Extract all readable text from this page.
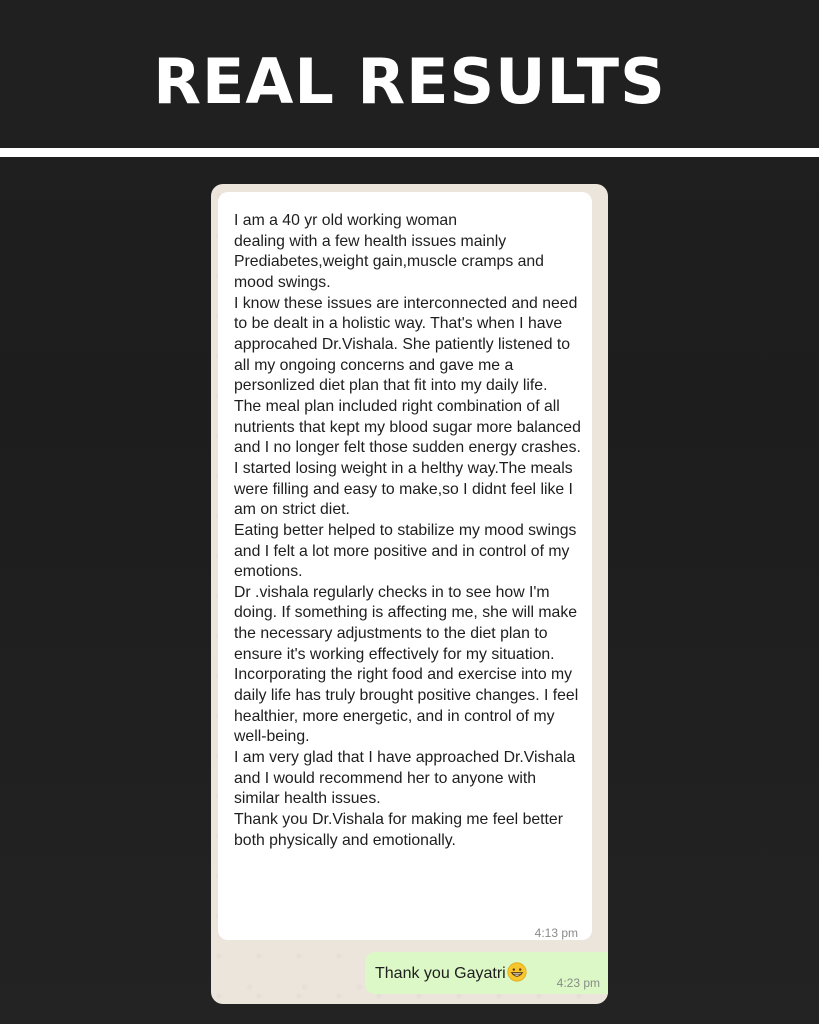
REAL RESULTS

I am a 40 yr old working woman
dealing with a few health issues mainly Prediabetes,weight gain,muscle cramps and mood swings.
I know these issues are interconnected and need to be dealt in a holistic way. That's when I have approcahed Dr.Vishala. She patiently listened to all my ongoing concerns and gave me a personlized diet plan that fit into my daily life.
The meal plan included right combination of all nutrients that kept my blood sugar more balanced and I no longer felt those sudden energy crashes.
I started losing weight in a helthy way.The meals were filling and easy to make,so I didnt feel like I am on strict diet.
Eating better helped to stabilize my mood swings and I felt a lot more positive and in control of my emotions.
Dr .vishala regularly checks in to see how I'm doing. If something is affecting me, she will make the necessary adjustments to the diet plan to ensure it's working effectively for my situation.
Incorporating the right food and exercise into my daily life has truly brought positive changes. I feel healthier, more energetic, and in control of my well-being.
I am very glad that I have approached Dr.Vishala and I would recommend her to anyone with similar health issues.
Thank you Dr.Vishala for making me feel better both physically and emotionally.

4:13 pm
Thank you Gayatri
4:23 pm
